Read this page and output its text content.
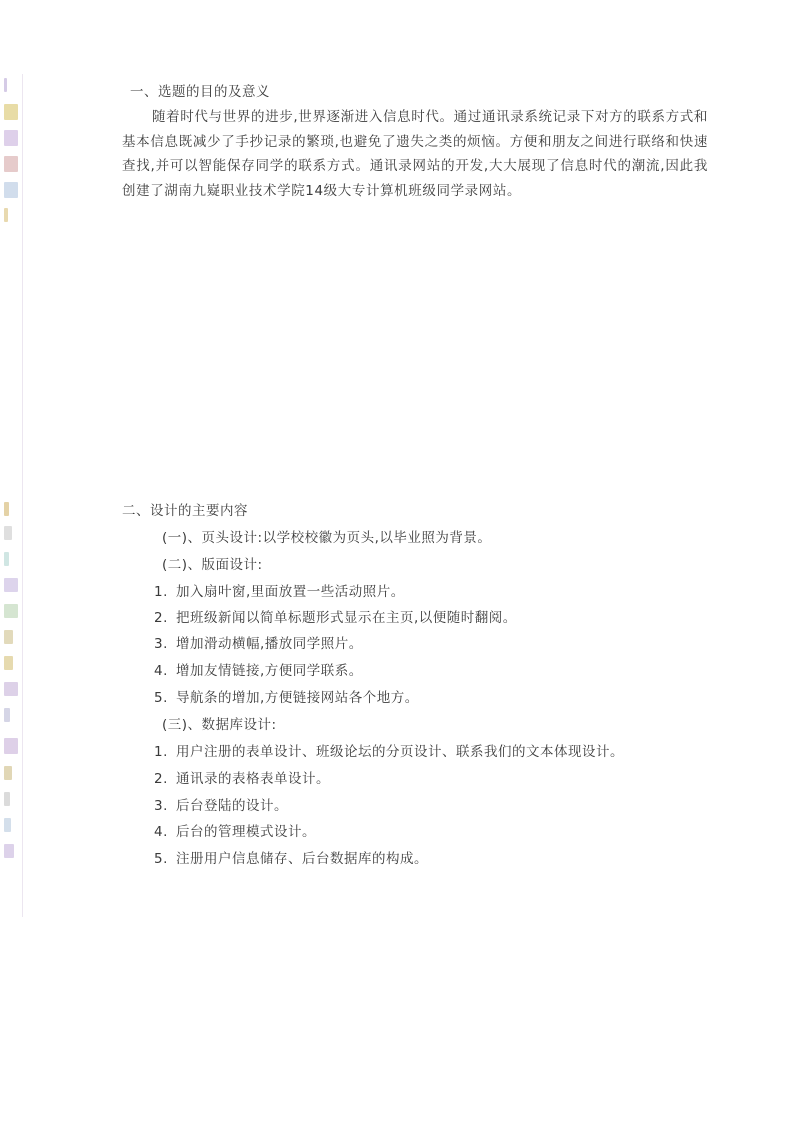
一、选题的目的及意义
随着时代与世界的进步,世界逐渐进入信息时代。通过通讯录系统记录下对方的联系方式和基本信息既减少了手抄记录的繁琐,也避免了遗失之类的烦恼。方便和朋友之间进行联络和快速查找,并可以智能保存同学的联系方式。通讯录网站的开发,大大展现了信息时代的潮流,因此我创建了湖南九嶷职业技术学院14级大专计算机班级同学录网站。
二、设计的主要内容
(一)、页头设计:以学校校徽为页头,以毕业照为背景。
(二)、版面设计:
1. 加入扇叶窗,里面放置一些活动照片。
2. 把班级新闻以简单标题形式显示在主页,以便随时翻阅。
3. 增加滑动横幅,播放同学照片。
4. 增加友情链接,方便同学联系。
5. 导航条的增加,方便链接网站各个地方。
(三)、数据库设计:
1. 用户注册的表单设计、班级论坛的分页设计、联系我们的文本体现设计。
2. 通讯录的表格表单设计。
3. 后台登陆的设计。
4. 后台的管理模式设计。
5. 注册用户信息储存、后台数据库的构成。
